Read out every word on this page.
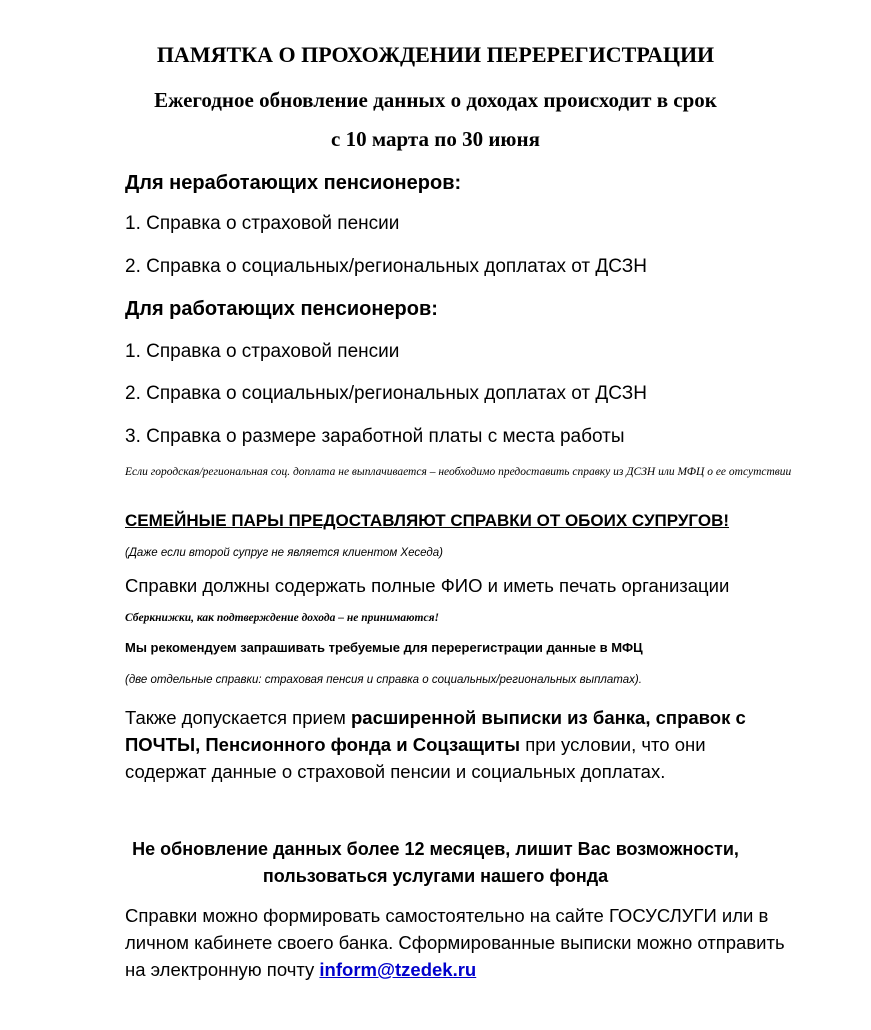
ПАМЯТКА О ПРОХОЖДЕНИИ ПЕРЕРЕГИСТРАЦИИ
Ежегодное обновление данных о доходах происходит в срок
с 10 марта по 30 июня
Для неработающих пенсионеров:
1. Справка о страховой пенсии
2. Справка о социальных/региональных доплатах от ДСЗН
Для работающих пенсионеров:
1. Справка о страховой пенсии
2. Справка о социальных/региональных доплатах от ДСЗН
3. Справка о размере заработной платы с места работы
Если городская/региональная соц. доплата не выплачивается – необходимо предоставить справку из ДСЗН или МФЦ о ее отсутствии
СЕМЕЙНЫЕ ПАРЫ ПРЕДОСТАВЛЯЮТ СПРАВКИ ОТ ОБОИХ СУПРУГОВ!
(Даже если второй супруг не является клиентом Хеседа)
Справки должны содержать полные ФИО и иметь печать организации
Сберкнижки, как подтверждение дохода – не принимаются!
Мы рекомендуем запрашивать требуемые для перерегистрации данные в МФЦ
(две отдельные справки: страховая пенсия и справка о социальных/региональных выплатах).
Также допускается прием расширенной выписки из банка, справок с ПОЧТЫ, Пенсионного фонда и Соцзащиты при условии, что они содержат данные о страховой пенсии и социальных доплатах.
Не обновление данных более 12 месяцев, лишит Вас возможности, пользоваться услугами нашего фонда
Справки можно формировать самостоятельно на сайте ГОСУСЛУГИ или в личном кабинете своего банка. Сформированные выписки можно отправить на электронную почту inform@tzedek.ru
